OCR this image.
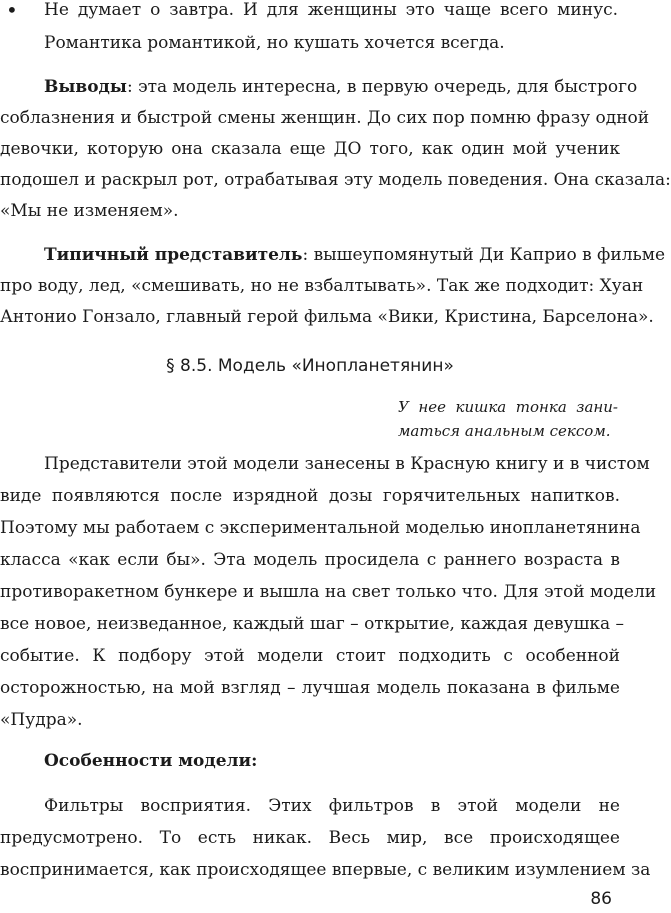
•	Не думает о завтра. И для женщины это чаще всего минус.
Романтика романтикой, но кушать хочется всегда.
Выводы: эта модель интересна, в первую очередь, для быстрого
соблазнения и быстрой смены женщин. До сих пор помню фразу одной
девочки, которую она сказала еще ДО того, как один мой ученик
подошел и раскрыл рот, отрабатывая эту модель поведения. Она сказала:
«Мы не изменяем».
Типичный представитель: вышеупомянутый Ди Каприо в фильме
про воду, лед, «смешивать, но не взбалтывать». Так же подходит: Хуан
Антонио Гонзало, главный герой фильма «Вики, Кристина, Барселона».
§ 8.5. Модель «Инопланетянин»
У нее кишка тонка зани-
маться анальным сексом.
Представители этой модели занесены в Красную книгу и в чистом
виде появляются после изрядной дозы горячительных напитков.
Поэтому мы работаем с экспериментальной моделью инопланетянина
класса «как если бы». Эта модель просидела с раннего возраста в
противоракетном бункере и вышла на свет только что. Для этой модели
все новое, неизведанное, каждый шаг – открытие, каждая девушка –
событие. К подбору этой модели стоит подходить с особенной
осторожностью, на мой взгляд – лучшая модель показана в фильме
«Пудра».
Особенности модели:
Фильтры восприятия. Этих фильтров в этой модели не
предусмотрено. То есть никак. Весь мир, все происходящее
воспринимается, как происходящее впервые, с великим изумлением за
86
